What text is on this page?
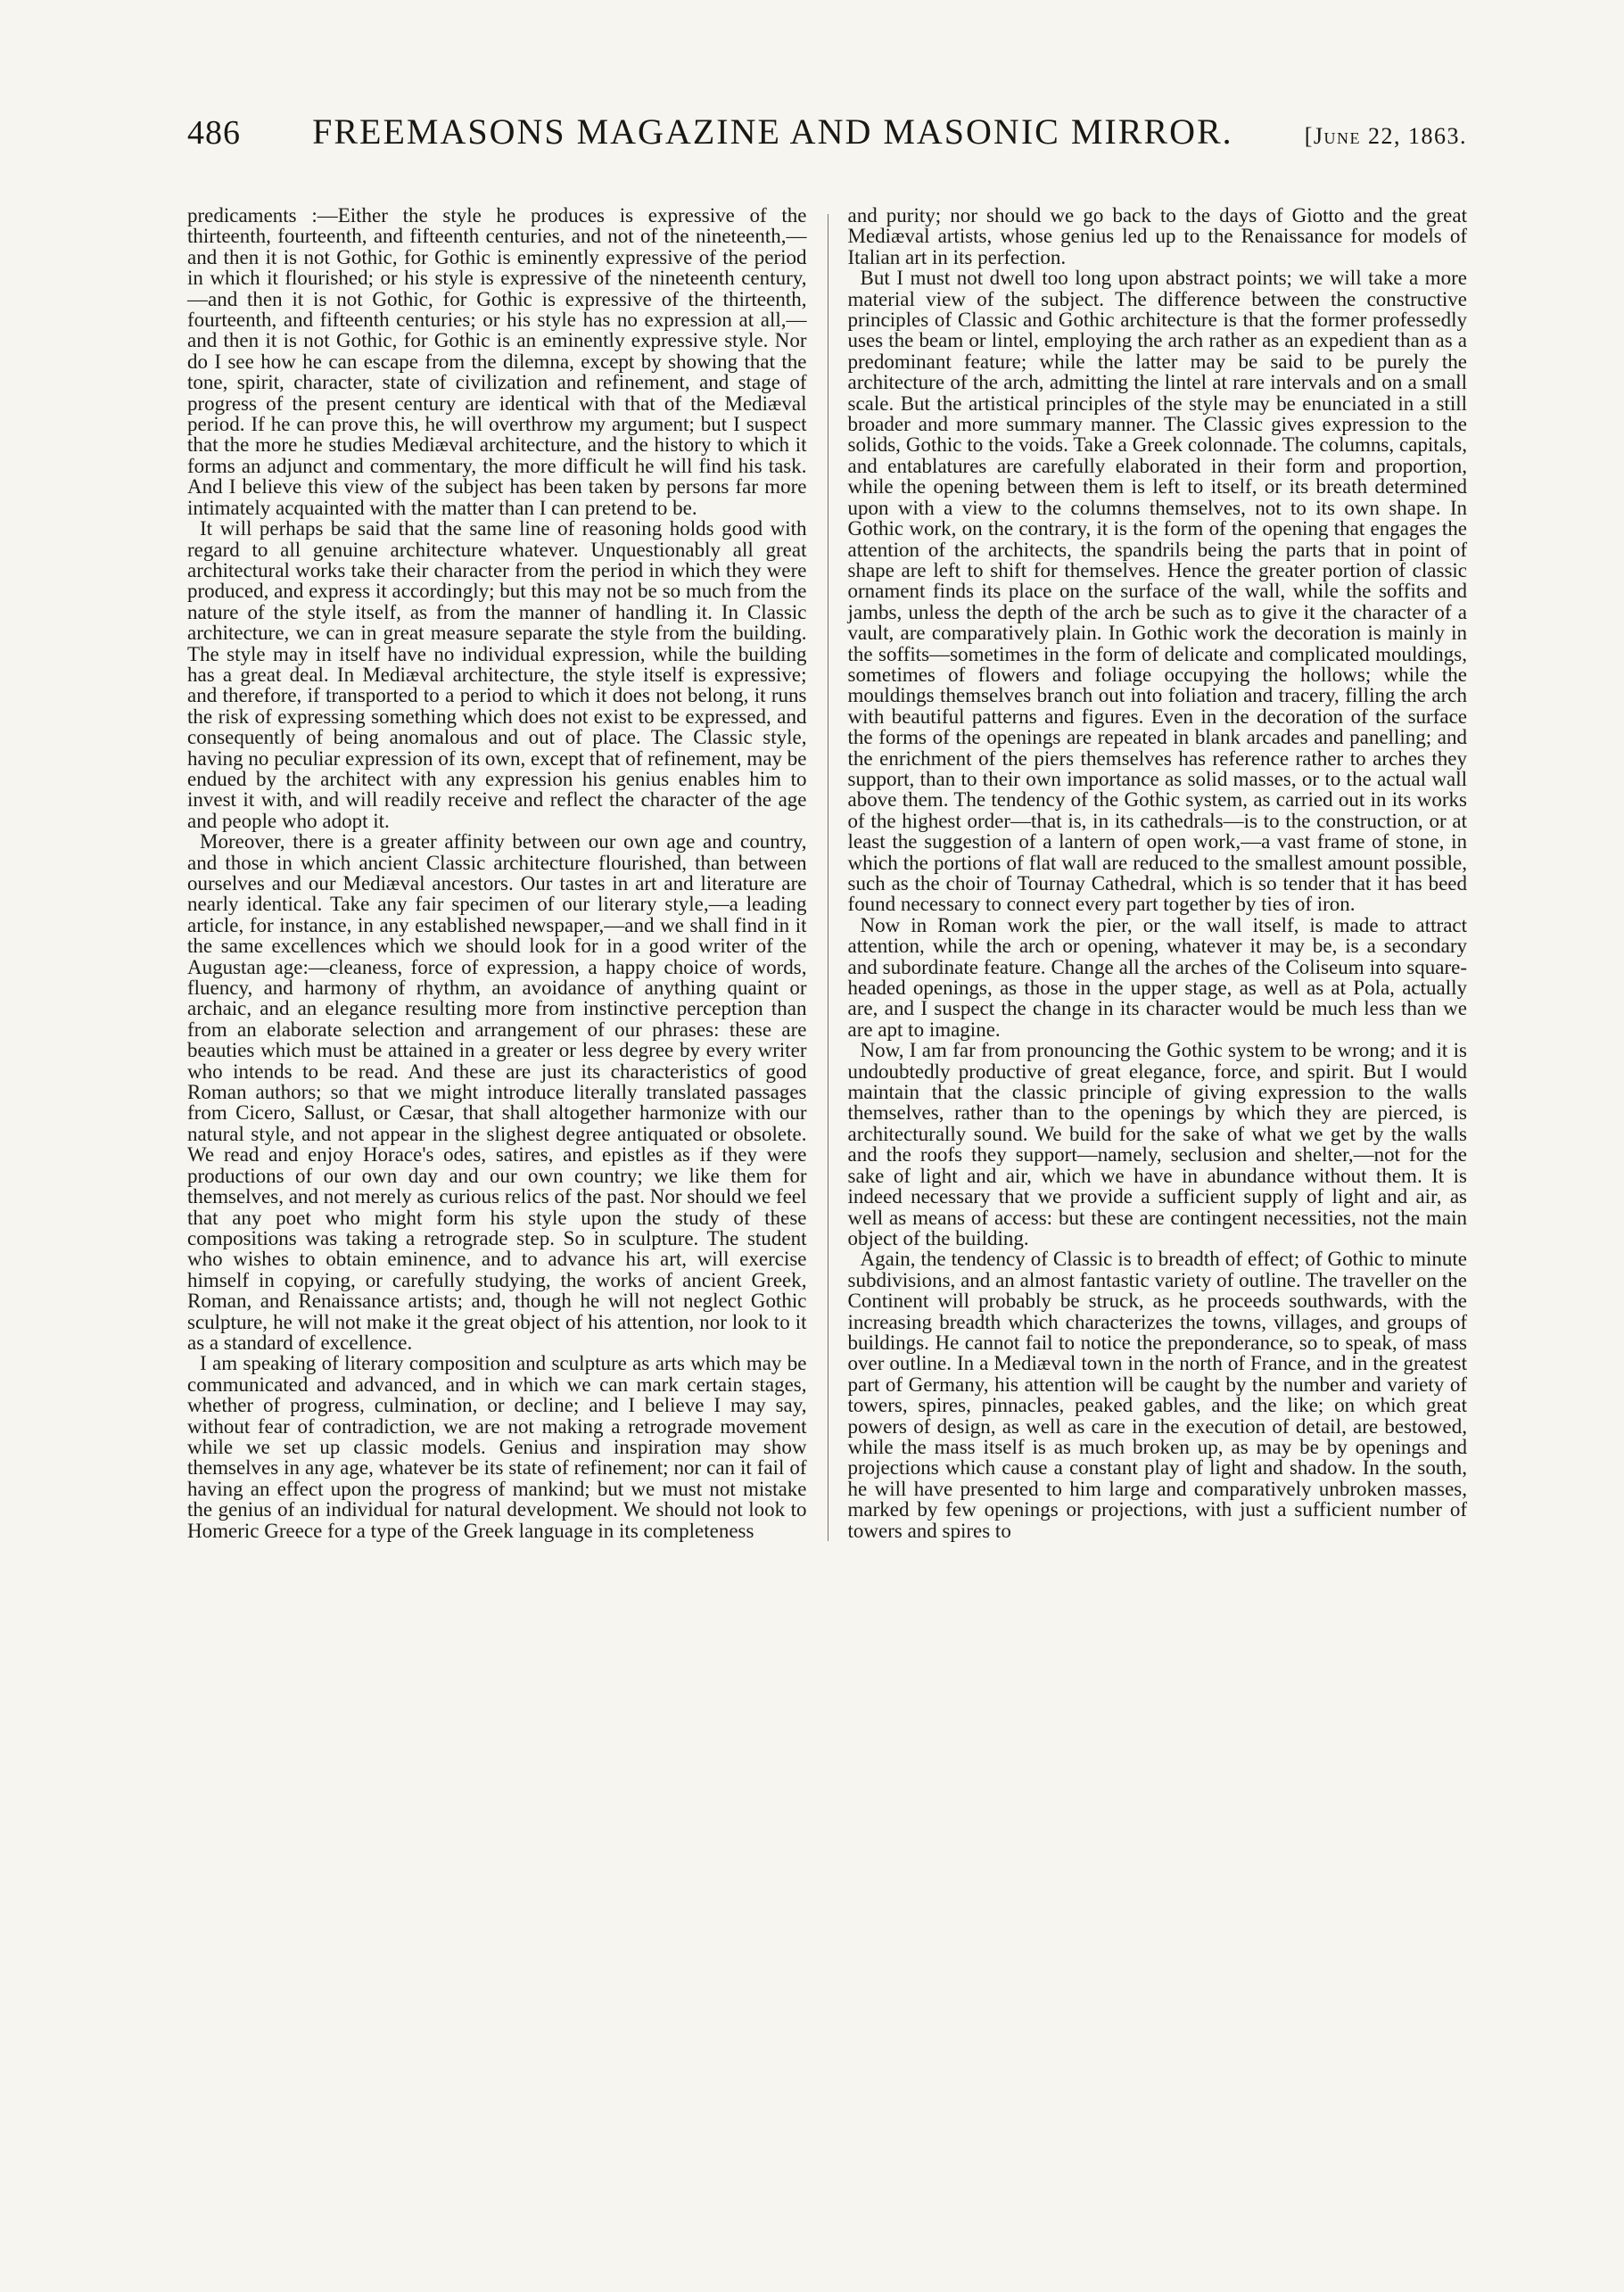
486 FREEMASONS MAGAZINE AND MASONIC MIRROR.	[June 22, 1863.

predicaments :—Either the style he produces is expressive of the thirteenth, fourteenth, and fifteenth centuries, and not of the nineteenth,—and then it is not Gothic, for Gothic is eminently expressive of the period in which it flourished; or his style is expressive of the nineteenth century,—and then it is not Gothic, for Gothic is expressive of the thirteenth, fourteenth, and fifteenth centuries; or his style has no expression at all,—and then it is not Gothic, for Gothic is an eminently expressive style. Nor do I see how he can escape from the dilemna, except by showing that the tone, spirit, character, state of civilization and refinement, and stage of progress of the present century are identical with that of the Mediæval period. If he can prove this, he will overthrow my argument; but I suspect that the more he studies Mediæval architecture, and the history to which it forms an adjunct and commentary, the more difficult he will find his task. And I believe this view of the subject has been taken by persons far more intimately acquainted with the matter than I can pretend to be.

It will perhaps be said that the same line of reasoning holds good with regard to all genuine architecture whatever. Unquestionably all great architectural works take their character from the period in which they were produced, and express it accordingly; but this may not be so much from the nature of the style itself, as from the manner of handling it. In Classic architecture, we can in great measure separate the style from the building. The style may in itself have no individual expression, while the building has a great deal. In Mediæval architecture, the style itself is expressive; and therefore, if transported to a period to which it does not belong, it runs the risk of expressing something which does not exist to be expressed, and consequently of being anomalous and out of place. The Classic style, having no peculiar expression of its own, except that of refinement, may be endued by the architect with any expression his genius enables him to invest it with, and will readily receive and reflect the character of the age and people who adopt it.

Moreover, there is a greater affinity between our own age and country, and those in which ancient Classic architecture flourished, than between ourselves and our Mediæval ancestors. Our tastes in art and literature are nearly identical. Take any fair specimen of our literary style,—a leading article, for instance, in any established newspaper,—and we shall find in it the same excellences which we should look for in a good writer of the Augustan age:—cleaness, force of expression, a happy choice of words, fluency, and harmony of rhythm, an avoidance of anything quaint or archaic, and an elegance resulting more from instinctive perception than from an elaborate selection and arrangement of our phrases: these are beauties which must be attained in a greater or less degree by every writer who intends to be read. And these are just its characteristics of good Roman authors; so that we might introduce literally translated passages from Cicero, Sallust, or Cæsar, that shall altogether harmonize with our natural style, and not appear in the slighest degree antiquated or obsolete. We read and enjoy Horace's odes, satires, and epistles as if they were productions of our own day and our own country; we like them for themselves, and not merely as curious relics of the past. Nor should we feel that any poet who might form his style upon the study of these compositions was taking a retrograde step. So in sculpture. The student who wishes to obtain eminence, and to advance his art, will exercise himself in copying, or carefully studying, the works of ancient Greek, Roman, and Renaissance artists; and, though he will not neglect Gothic sculpture, he will not make it the great object of his attention, nor look to it as a standard of excellence.

I am speaking of literary composition and sculpture as arts which may be communicated and advanced, and in which we can mark certain stages, whether of progress, culmination, or decline; and I believe I may say, without fear of contradiction, we are not making a retrograde movement while we set up classic models. Genius and inspiration may show themselves in any age, whatever be its state of refinement; nor can it fail of having an effect upon the progress of mankind; but we must not mistake the genius of an individual for natural development. We should not look to Homeric Greece for a type of the Greek language in its completeness

and purity; nor should we go back to the days of Giotto and the great Mediæval artists, whose genius led up to the Renaissance for models of Italian art in its perfection.

But I must not dwell too long upon abstract points; we will take a more material view of the subject. The difference between the constructive principles of Classic and Gothic architecture is that the former professedly uses the beam or lintel, employing the arch rather as an expedient than as a predominant feature; while the latter may be said to be purely the architecture of the arch, admitting the lintel at rare intervals and on a small scale. But the artistical principles of the style may be enunciated in a still broader and more summary manner. The Classic gives expression to the solids, Gothic to the voids. Take a Greek colonnade. The columns, capitals, and entablatures are carefully elaborated in their form and proportion, while the opening between them is left to itself, or its breath determined upon with a view to the columns themselves, not to its own shape. In Gothic work, on the contrary, it is the form of the opening that engages the attention of the architects, the spandrils being the parts that in point of shape are left to shift for themselves. Hence the greater portion of classic ornament finds its place on the surface of the wall, while the soffits and jambs, unless the depth of the arch be such as to give it the character of a vault, are comparatively plain. In Gothic work the decoration is mainly in the soffits—sometimes in the form of delicate and complicated mouldings, sometimes of flowers and foliage occupying the hollows; while the mouldings themselves branch out into foliation and tracery, filling the arch with beautiful patterns and figures. Even in the decoration of the surface the forms of the openings are repeated in blank arcades and panelling; and the enrichment of the piers themselves has reference rather to arches they support, than to their own importance as solid masses, or to the actual wall above them. The tendency of the Gothic system, as carried out in its works of the highest order—that is, in its cathedrals—is to the construction, or at least the suggestion of a lantern of open work,—a vast frame of stone, in which the portions of flat wall are reduced to the smallest amount possible, such as the choir of Tournay Cathedral, which is so tender that it has beed found necessary to connect every part together by ties of iron.

Now in Roman work the pier, or the wall itself, is made to attract attention, while the arch or opening, whatever it may be, is a secondary and subordinate feature. Change all the arches of the Coliseum into square-headed openings, as those in the upper stage, as well as at Pola, actually are, and I suspect the change in its character would be much less than we are apt to imagine.

Now, I am far from pronouncing the Gothic system to be wrong; and it is undoubtedly productive of great elegance, force, and spirit. But I would maintain that the classic principle of giving expression to the walls themselves, rather than to the openings by which they are pierced, is architecturally sound. We build for the sake of what we get by the walls and the roofs they support—namely, seclusion and shelter,—not for the sake of light and air, which we have in abundance without them. It is indeed necessary that we provide a sufficient supply of light and air, as well as means of access: but these are contingent necessities, not the main object of the building.

Again, the tendency of Classic is to breadth of effect; of Gothic to minute subdivisions, and an almost fantastic variety of outline. The traveller on the Continent will probably be struck, as he proceeds southwards, with the increasing breadth which characterizes the towns, villages, and groups of buildings. He cannot fail to notice the preponderance, so to speak, of mass over outline. In a Mediæval town in the north of France, and in the greatest part of Germany, his attention will be caught by the number and variety of towers, spires, pinnacles, peaked gables, and the like; on which great powers of design, as well as care in the execution of detail, are bestowed, while the mass itself is as much broken up, as may be by openings and projections which cause a constant play of light and shadow. In the south, he will have presented to him large and comparatively unbroken masses, marked by few openings or projections, with just a sufficient number of towers and spires to
